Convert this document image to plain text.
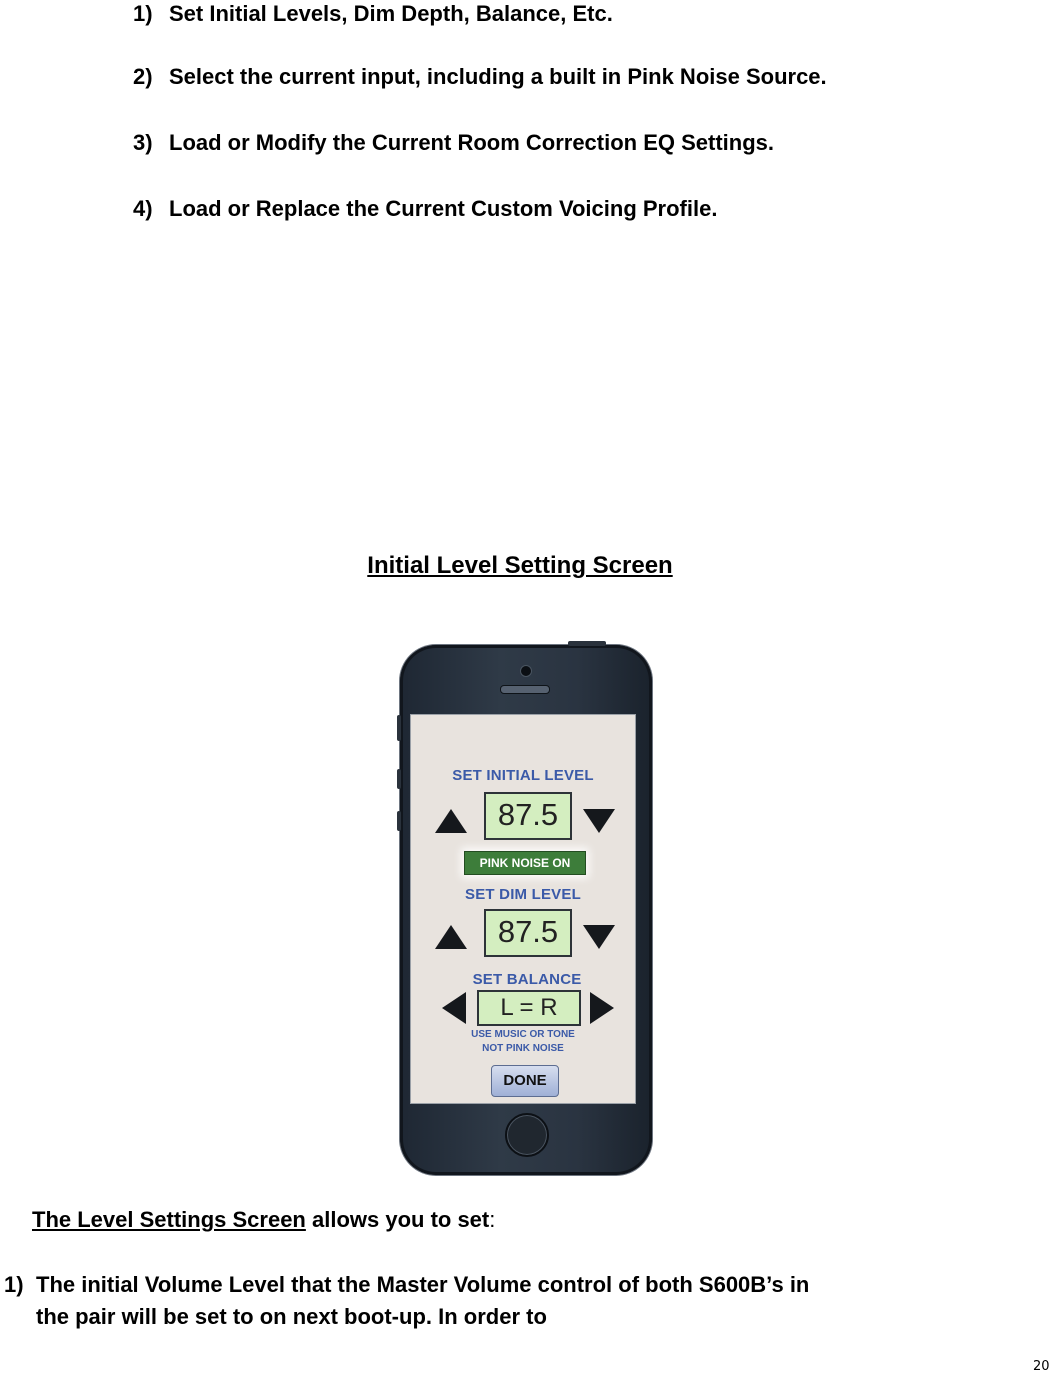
1) Set Initial Levels, Dim Depth, Balance, Etc.
2) Select the current input, including a built in Pink Noise Source.
3) Load or Modify the Current Room Correction EQ Settings.
4) Load or Replace the Current Custom Voicing Profile.
Initial Level Setting Screen
SET INITIAL LEVEL
87.5
PINK NOISE ON
SET DIM LEVEL
87.5
SET BALANCE
L = R
USE MUSIC OR TONE
NOT PINK NOISE
DONE
The Level Settings Screen allows you to set:
1) The initial Volume Level that the Master Volume control of both S600B’s in
the pair will be set to on next boot-up. In order to
20
